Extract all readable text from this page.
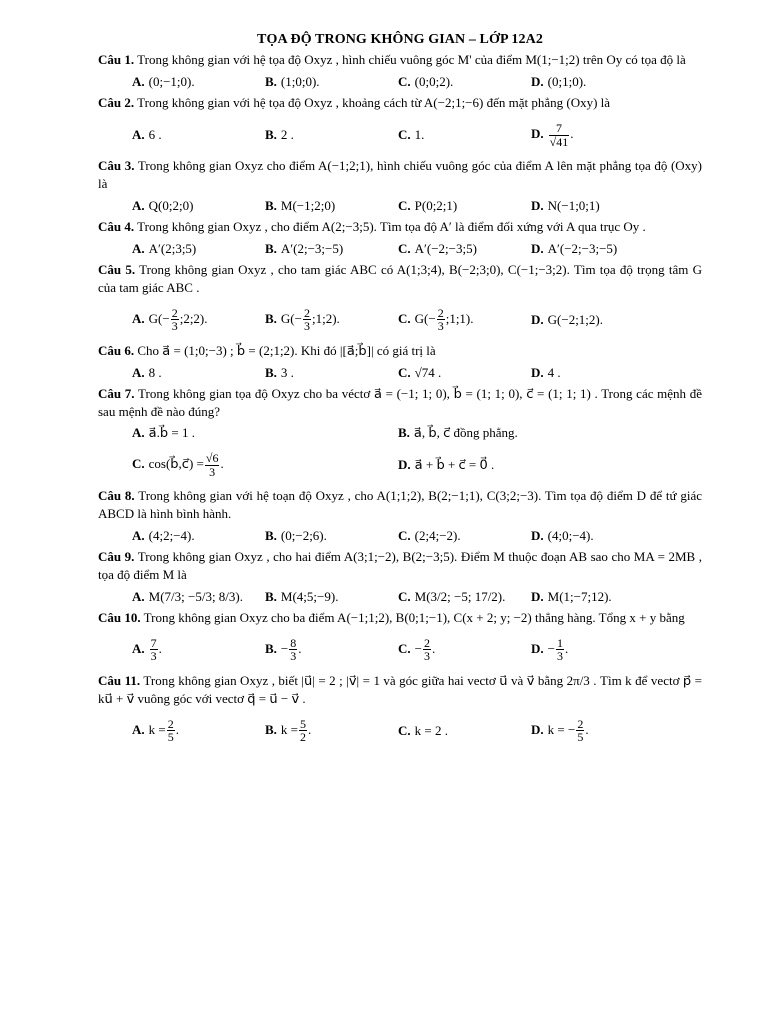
TỌA ĐỘ TRONG KHÔNG GIAN – LỚP 12A2

Câu 1. Trong không gian với hệ tọa độ Oxyz , hình chiếu vuông góc M' của điểm M(1;−1;2) trên Oy có tọa độ là

A. (0;−1;0).	B. (1;0;0).	C. (0;0;2).	D. (0;1;0).

Câu 2. Trong không gian với hệ tọa độ Oxyz , khoảng cách từ A(−2;1;−6) đến mặt phẳng (Oxy) là

A. 6 .	B. 2 .	C. 1.	D. $\frac{7}{√41}$ .

Câu 3. Trong không gian Oxyz cho điểm A(−1;2;1), hình chiếu vuông góc của điểm A lên mặt phẳng tọa độ (Oxy) là

A. Q(0;2;0)	B. M(−1;2;0)	C. P(0;2;1)	D. N(−1;0;1)

Câu 4. Trong không gian Oxyz , cho điểm A(2;−3;5). Tìm tọa độ A′ là điểm đối xứng với A qua trục Oy .

A. A′(2;3;5)	B. A′(2;−3;−5)	C. A′(−2;−3;5)	D. A′(−2;−3;−5)

Câu 5. Trong không gian Oxyz , cho tam giác ABC có A(1;3;4), B(−2;3;0), C(−1;−3;2). Tìm tọa độ trọng tâm G của tam giác ABC .

A. $G(- \frac{2}{3}$ ;2;2).	B. $G(- \frac{2}{3}$ ;1;2).	C. $G(- \frac{2}{3}$ ;1;1).	D. G(−2;1;2).

Câu 6. Cho a⃗ = (1;0;−3) ; b⃗ = (2;1;2). Khi đó |[a⃗;b⃗]| có giá trị là

A. 8 .	B. 3 .	C. √74 .	D. 4 .

Câu 7. Trong không gian tọa độ Oxyz cho ba véctơ a⃗ = (−1; 1; 0), b⃗ = (1; 1; 0), c⃗ = (1; 1; 1) . Trong các mệnh đề sau mệnh đề nào đúng?

A. a⃗.b⃗ = 1 .	B. a⃗, b⃗, c⃗ đồng phẳng.
C. cos(b⃗,c⃗) = $\frac{√6}{3}$ .	D. a⃗ + b⃗ + c⃗ = 0⃗ .

Câu 8. Trong không gian với hệ toạn độ Oxyz , cho A(1;1;2), B(2;−1;1), C(3;2;−3). Tìm tọa độ điểm D để tứ giác ABCD là hình bình hành.

A. (4;2;−4).	B. (0;−2;6).	C. (2;4;−2).	D. (4;0;−4).

Câu 9. Trong không gian Oxyz , cho hai điểm A(3;1;−2), B(2;−3;5). Điểm M thuộc đoạn AB sao cho MA = 2MB , tọa độ điểm M là

A. M(7/3; −5/3; 8/3).	B. M(4;5;−9).	C. M(3/2; −5; 17/2).	D. M(1;−7;12).

Câu 10. Trong không gian Oxyz cho ba điểm A(−1;1;2), B(0;1;−1), C(x + 2; y; −2) thẳng hàng. Tổng x + y bằng

A. $\frac{7}{3}$ .	B. − $\frac{8}{3}$ .	C. − $\frac{2}{3}$ .	D. − $\frac{1}{3}$ .

Câu 11. Trong không gian Oxyz , biết |u⃗| = 2 ; |v⃗| = 1 và góc giữa hai vectơ u⃗ và v⃗ bằng 2π/3 . Tìm k để vectơ p⃗ = ku⃗ + v⃗ vuông góc với vectơ q⃗ = u⃗ − v⃗ .

A. $k = \frac{2}{5}$ .	B. $k = \frac{5}{2}$ .	C. k = 2 .	D. k = − $\frac{2}{5}$ .
